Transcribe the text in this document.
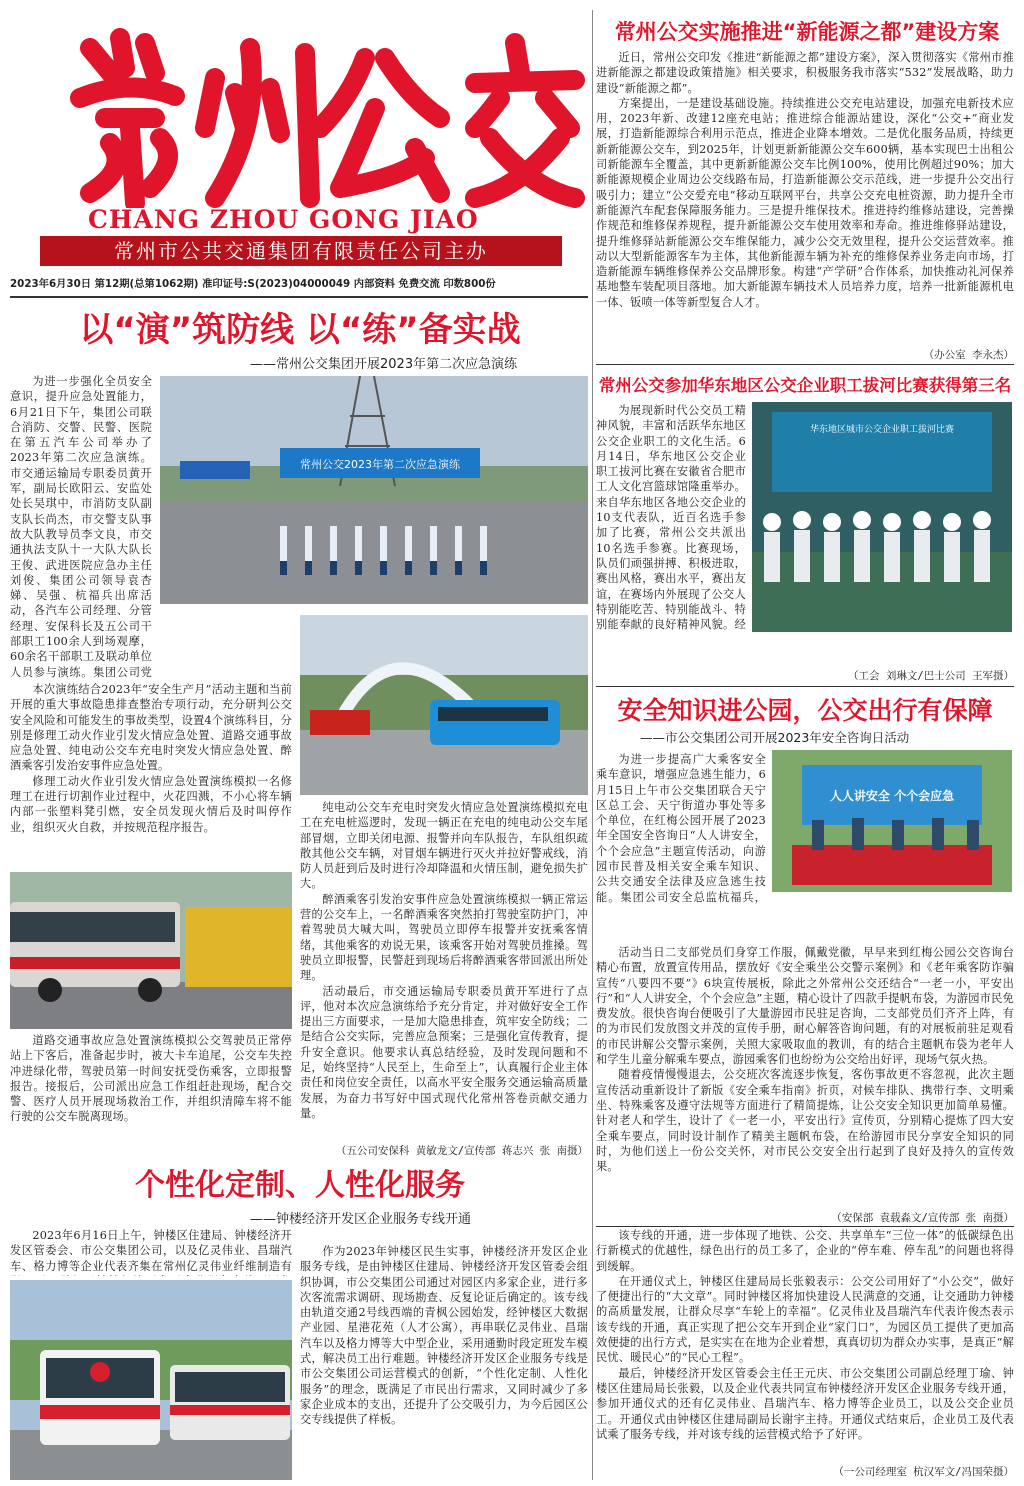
CHANG ZHOU GONG JIAO
常州市公共交通集团有限责任公司主办
2023年6月30日 第12期(总第1062期) 准印证号:S(2023)04000049 内部资料 免费交流 印数800份
以“演”筑防线 以“练”备实战
——常州公交集团开展2023年第二次应急演练

为进一步强化全员安全意识，提升应急处置能力，6月21日下午，集团公司联合消防、交警、民警、医院在第五汽车公司举办了2023年第二次应急演练。市交通运输局专职委员黄开军，副局长欧阳云、安监处处长吴琪中，市消防支队副支队长尚杰，市交警支队事故大队教导员李文良，市交通执法支队十一大队大队长王俊、武进医院应急办主任刘俊、集团公司领导袁杏娣、吴强、杭福兵出席活动，各汽车公司经理、分管经理、安保科长及五公司干部职工100余人到场观摩，60余名干部职工及联动单位人员参与演练。集团公司党

常州公交2023年第二次应急演练

本次演练结合2023年“安全生产月”活动主题和当前开展的重大事故隐患排查整治专项行动，充分研判公交安全风险和可能发生的事故类型，设置4个演练科目，分别是修理工动火作业引发火情应急处置、道路交通事故应急处置、纯电动公交车充电时突发火情应急处置、醉酒乘客引发治安事件应急处置。

修理工动火作业引发火情应急处置演练模拟一名修理工在进行切割作业过程中，火花四溅，不小心将车辆内部一张塑料凳引燃，安全员发现火情后及时叫停作业，组织灭火自救，并按规范程序报告。

道路交通事故应急处置演练模拟公交驾驶员正常停站上下客后，准备起步时，被大卡车追尾，公交车失控冲进绿化带，驾驶员第一时间安抚受伤乘客，立即报警报告。接报后，公司派出应急工作组赶赴现场，配合交警、医疗人员开展现场救治工作，并组织清障车将不能行驶的公交车脱离现场。

纯电动公交车充电时突发火情应急处置演练模拟充电工在充电桩巡逻时，发现一辆正在充电的纯电动公交车尾部冒烟，立即关闭电源、报警并向车队报告，车队组织疏散其他公交车辆，对冒烟车辆进行灭火并拉好警戒线，消防人员赶到后及时进行冷却降温和火情压制，避免损失扩大。

醉酒乘客引发治安事件应急处置演练模拟一辆正常运营的公交车上，一名醉酒乘客突然拍打驾驶室防护门，冲着驾驶员大喊大叫，驾驶员立即停车报警并安抚乘客情绪，其他乘客的劝说无果，该乘客开始对驾驶员推搡。驾驶员立即报警，民警赶到现场后将醉酒乘客带回派出所处理。

活动最后，市交通运输局专职委员黄开军进行了点评，他对本次应急演练给予充分肯定，并对做好安全工作提出三方面要求，一是加大隐患排查，筑牢安全防线；二是结合公交实际，完善应急预案；三是强化宣传教育，提升安全意识。他要求认真总结经验，及时发现问题和不足，始终坚持“人民至上，生命至上”，认真履行企业主体责任和岗位安全责任，以高水平安全服务交通运输高质量发展，为奋力书写好中国式现代化常州答卷贡献交通力量。

（五公司安保科 黄敏龙文/宣传部 蒋志兴 张 南摄）
常州公交实施推进“新能源之都”建设方案

近日，常州公交印发《推进“新能源之都”建设方案》，深入贯彻落实《常州市推进新能源之都建设政策措施》相关要求，积极服务我市落实“532”发展战略，助力建设“新能源之都”。

方案提出，一是建设基础设施。持续推进公交充电站建设，加强充电新技术应用，2023年新、改建12座充电站；推进综合能源站建设，深化“公交+”商业发展，打造新能源综合利用示范点，推进企业降本增效。二是优化服务品质，持续更新新能源公交车，到2025年，计划更新新能源公交车600辆，基本实现巴士出租公司新能源车全覆盖，其中更新新能源公交车比例100%，使用比例超过90%；加大新能源规模企业周边公交线路布局，打造新能源公交示范线，进一步提升公交出行吸引力；建立“公交爱充电”移动互联网平台，共享公交充电桩资源，助力提升全市新能源汽车配套保障服务能力。三是提升维保技术。推进持约维修站建设，完善操作规范和维修保养规程，提升新能源公交车使用效率和寿命。推进维修驿站建设，提升维修驿站新能源公交车维保能力，减少公交无效里程，提升公交运营效率。推动以大型新能源客车为主体，其他新能源车辆为补充的维修保养业务走向市场，打造新能源车辆维修保养公交品牌形象。构建“产学研”合作体系，加快推动礼河保养基地整车装配项目落地。加大新能源车辆技术人员培养力度，培养一批新能源机电一体、钣喷一体等新型复合人才。

（办公室 李永杰）
常州公交参加华东地区公交企业职工拔河比赛获得第三名
华东地区城市公交企业职工拔河比赛

为展现新时代公交员工精神风貌，丰富和活跃华东地区公交企业职工的文化生活。6月14日，华东地区公交企业职工拔河比赛在安徽省合肥市工人文化宫篮球馆隆重举办。来自华东地区各地公交企业的10支代表队，近百名选手参加了比赛，常州公交共派出10名选手参赛。比赛现场，队员们顽强拼搏、积极进取，赛出风格，赛出水平，赛出友谊，在赛场内外展现了公交人特别能吃苦、特别能战斗、特别能奉献的良好精神风貌。经

（工会 刘琳文/巴士公司 王军摄）
安全知识进公园，公交出行有保障
——市公交集团公司开展2023年安全咨询日活动
人人讲安全 个个会应急

为进一步提高广大乘客安全乘车意识，增强应急逃生能力，6月15日上午市公交集团联合天宁区总工会、天宁街道办事处等多个单位，在红梅公园开展了2023年全国安全咨询日“人人讲安全，个个会应急”主题宣传活动，向游园市民普及相关安全乘车知识、公共交通安全法律及应急逃生技能。集团公司安全总监杭福兵，

活动当日二支部党员们身穿工作服，佩戴党徽，早早来到红梅公园公交咨询台精心布置，放置宣传用品，摆放好《安全乘坐公交警示案例》和《老年乘客防诈骗宣传“八要四不要”》6块宣传展板，除此之外常州公交还结合“一老一小，平安出行”和“人人讲安全，个个会应急”主题，精心设计了四款手提帆布袋，为游园市民免费发放。很快咨询台便吸引了大量游园市民驻足咨询，二支部党员们齐齐上阵，有的为市民们发放图文并茂的宣传手册，耐心解答咨询问题，有的对展板前驻足观看的市民讲解公交警示案例，关照大家吸取血的教训，有的结合主题帆布袋为老年人和学生儿童分解乘车要点，游园乘客们也纷纷为公交给出好评，现场气氛火热。

随着疫情慢慢退去，公交班次客流逐步恢复，客伤事故更不容忽视，此次主题宣传活动重新设计了新版《安全乘车指南》折页，对候车排队、携带行李、文明乘坐、特殊乘客及遵守法规等方面进行了精简提炼，让公交安全知识更加简单易懂。针对老人和学生，设计了《一老一小，平安出行》宣传页，分别精心提炼了四大安全乘车要点，同时设计制作了精美主题帆布袋，在给游园市民分享安全知识的同时，为他们送上一份公交关怀，对市民公交安全出行起到了良好及持久的宣传效果。

（安保部 袁载淼文/宣传部 张 南摄）
个性化定制、人性化服务
——钟楼经济开发区企业服务专线开通

2023年6月16日上午，钟楼区住建局、钟楼经济开发区管委会、市公交集团公司，以及亿灵伟业、昌瑞汽车、格力博等企业代表齐集在常州亿灵伟业纤维制造有

作为2023年钟楼区民生实事，钟楼经济开发区企业服务专线，是由钟楼区住建局、钟楼经济开发区管委会组织协调，市公交集团公司通过对园区内多家企业，进行多次客流需求调研、现场勘查、反复论证后确定的。该专线由轨道交通2号线西端的青枫公园始发，经钟楼区大数据产业园、星港花苑（人才公寓），再串联亿灵伟业、昌瑞汽车以及格力博等大中型企业，采用通勤时段定班发车模式，解决员工出行难题。钟楼经济开发区企业服务专线是市公交集团公司运营模式的创新，“个性化定制、人性化服务”的理念，既满足了市民出行需求，又同时减少了多家企业成本的支出，还提升了公交吸引力，为今后园区公交专线提供了样板。

该专线的开通，进一步体现了地铁、公交、共享单车“三位一体”的低碳绿色出行新模式的优越性，绿色出行的员工多了，企业的“停车难、停车乱”的问题也将得到缓解。

在开通仪式上，钟楼区住建局局长张毅表示：公交公司用好了“小公交”，做好了便捷出行的“大文章”。同时钟楼区将加快建设人民满意的交通，让交通助力钟楼的高质量发展，让群众尽享“车轮上的幸福”。亿灵伟业及昌瑞汽车代表许俊杰表示该专线的开通，真正实现了把公交车开到企业“家门口”，为园区员工提供了更加高效便捷的出行方式，是实实在在地为企业着想，真真切切为群众办实事，是真正“解民忧、暖民心”的“民心工程”。

最后，钟楼经济开发区管委会主任王元庆、市公交集团公司副总经理丁瑜、钟楼区住建局局长张毅，以及企业代表共同宣布钟楼经济开发区企业服务专线开通，参加开通仪式的还有亿灵伟业、昌瑞汽车、格力博等企业员工，以及公交企业员工。开通仪式由钟楼区住建局副局长谢宇主持。开通仪式结束后，企业员工及代表试乘了服务专线，并对该专线的运营模式给予了好评。

（一公司经理室 杭汉军文/冯国荣摄）
